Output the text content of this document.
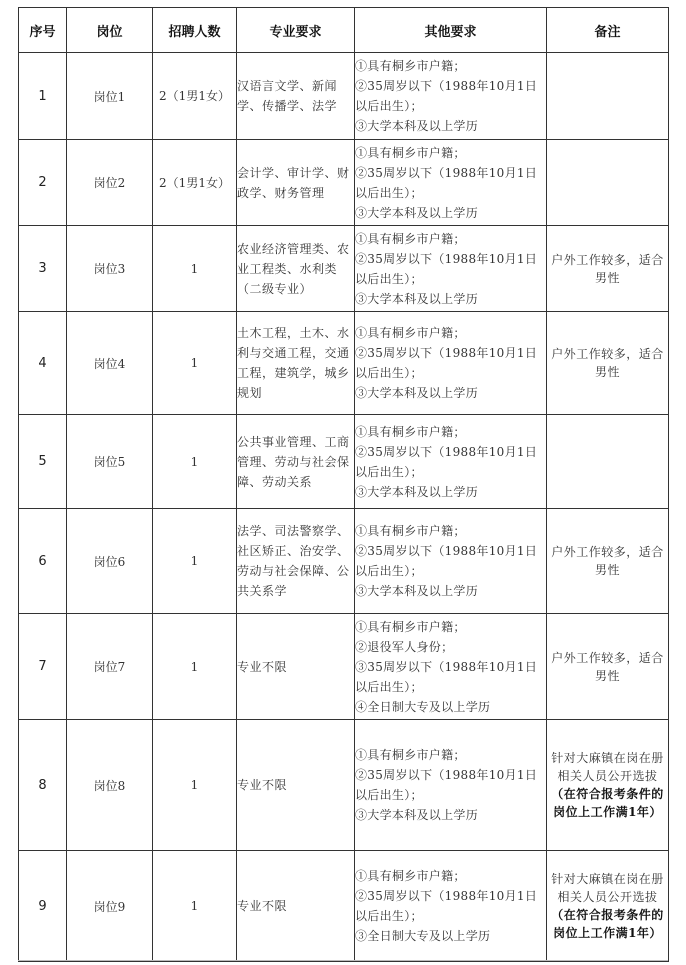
序号	岗位	招聘人数	专业要求	其他要求	备注
1	岗位1	2（1男1女）	汉语言文学、新闻学、传播学、法学	①具有桐乡市户籍；
②35周岁以下（1988年10月1日以后出生）；
③大学本科及以上学历	

2	岗位2	2（1男1女）	会计学、审计学、财政学、财务管理	①具有桐乡市户籍；
②35周岁以下（1988年10月1日以后出生）；
③大学本科及以上学历	

3	岗位3	1	农业经济管理类、农业工程类、水利类（二级专业）	①具有桐乡市户籍；
②35周岁以下（1988年10月1日以后出生）；
③大学本科及以上学历	户外工作较多，适合男性

4	岗位4	1	土木工程，土木、水利与交通工程，交通工程，建筑学，城乡规划	①具有桐乡市户籍；
②35周岁以下（1988年10月1日以后出生）；
③大学本科及以上学历	户外工作较多，适合男性

5	岗位5	1	公共事业管理、工商管理、劳动与社会保障、劳动关系	①具有桐乡市户籍；
②35周岁以下（1988年10月1日以后出生）；
③大学本科及以上学历	

6	岗位6	1	法学、司法警察学、社区矫正、治安学、劳动与社会保障、公共关系学	①具有桐乡市户籍；
②35周岁以下（1988年10月1日以后出生）；
③大学本科及以上学历	户外工作较多，适合男性

7	岗位7	1	专业不限	①具有桐乡市户籍；
②退役军人身份；
③35周岁以下（1988年10月1日以后出生）；
④全日制大专及以上学历	户外工作较多，适合男性

8	岗位8	1	专业不限	①具有桐乡市户籍；
②35周岁以下（1988年10月1日以后出生）；
③大学本科及以上学历	针对大麻镇在岗在册相关人员公开选拔
（在符合报考条件的岗位上工作满1年）

9	岗位9	1	专业不限	①具有桐乡市户籍；
②35周岁以下（1988年10月1日以后出生）；
③全日制大专及以上学历	针对大麻镇在岗在册相关人员公开选拔
（在符合报考条件的岗位上工作满1年）
